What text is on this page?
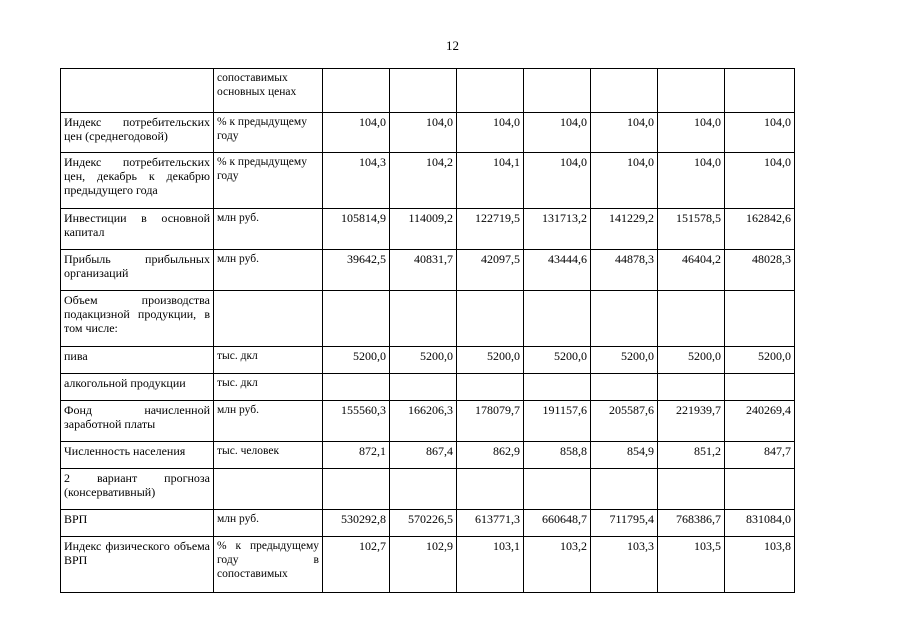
12
	сопоставимых основных ценах							
Индекс потребительских цен (среднегодовой)	% к предыдущему году	104,0	104,0	104,0	104,0	104,0	104,0	104,0
Индекс потребительских цен, декабрь к декабрю предыдущего года	% к предыдущему году	104,3	104,2	104,1	104,0	104,0	104,0	104,0
Инвестиции в основной капитал	млн руб.	105814,9	114009,2	122719,5	131713,2	141229,2	151578,5	162842,6
Прибыль прибыльных организаций	млн руб.	39642,5	40831,7	42097,5	43444,6	44878,3	46404,2	48028,3
Объем производства подакцизной продукции, в том числе:								
пива	тыс. дкл	5200,0	5200,0	5200,0	5200,0	5200,0	5200,0	5200,0
алкогольной продукции	тыс. дкл							
Фонд начисленной заработной платы	млн руб.	155560,3	166206,3	178079,7	191157,6	205587,6	221939,7	240269,4
Численность населения	тыс. человек	872,1	867,4	862,9	858,8	854,9	851,2	847,7
2 вариант прогноза (консервативный)								
ВРП	млн руб.	530292,8	570226,5	613771,3	660648,7	711795,4	768386,7	831084,0
Индекс физического объема ВРП	% к предыдущему году в сопоставимых	102,7	102,9	103,1	103,2	103,3	103,5	103,8
